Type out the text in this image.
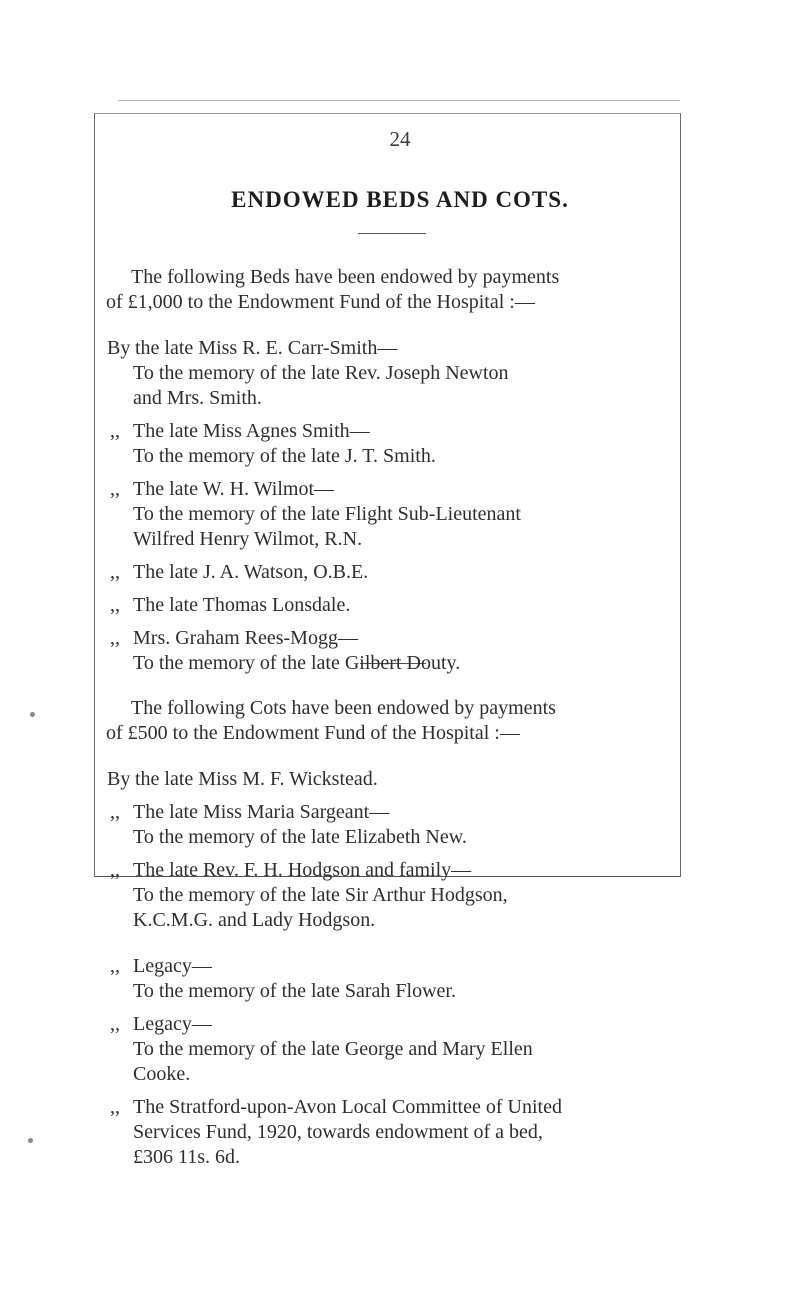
24
ENDOWED BEDS AND COTS.
The following Beds have been endowed by payments
of £1,000 to the Endowment Fund of the Hospital :—
By the late Miss R. E. Carr-Smith—
To the memory of the late Rev. Joseph Newton
and Mrs. Smith.
,, The late Miss Agnes Smith—
To the memory of the late J. T. Smith.
,, The late W. H. Wilmot—
To the memory of the late Flight Sub-Lieutenant
Wilfred Henry Wilmot, R.N.
,, The late J. A. Watson, O.B.E.
,, The late Thomas Lonsdale.
,, Mrs. Graham Rees-Mogg—
To the memory of the late Gilbert Douty.
The following Cots have been endowed by payments
of £500 to the Endowment Fund of the Hospital :—
By the late Miss M. F. Wickstead.
,, The late Miss Maria Sargeant—
To the memory of the late Elizabeth New.
,, The late Rev. F. H. Hodgson and family—
To the memory of the late Sir Arthur Hodgson,
K.C.M.G. and Lady Hodgson.
,, Legacy—
To the memory of the late Sarah Flower.
,, Legacy—
To the memory of the late George and Mary Ellen
Cooke.
,, The Stratford-upon-Avon Local Committee of United
Services Fund, 1920, towards endowment of a bed,
£306 11s. 6d.
